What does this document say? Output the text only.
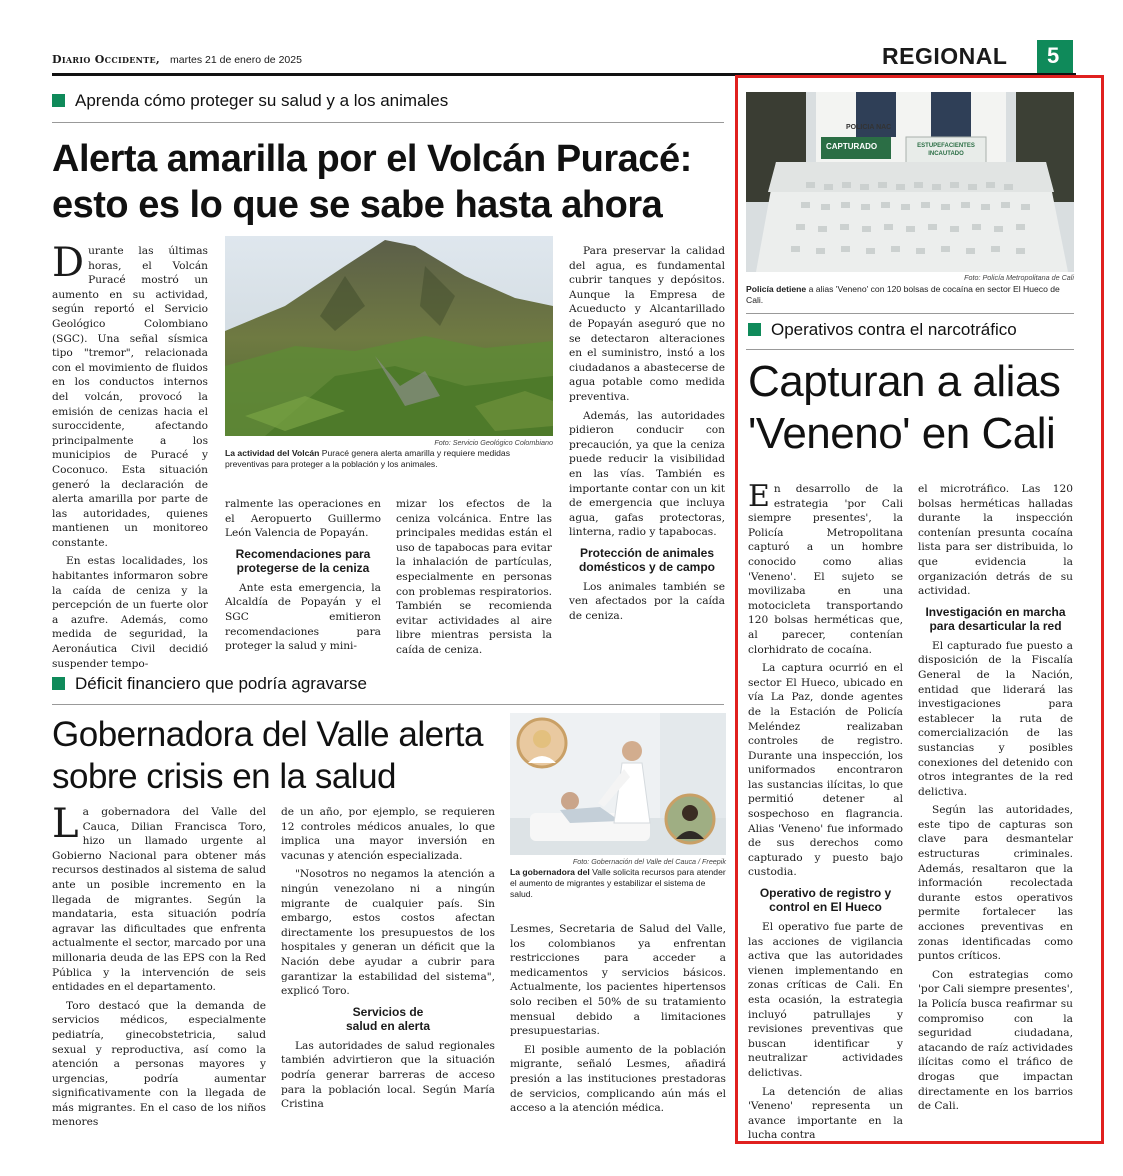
Diario Occidente, martes 21 de enero de 2025	REGIONAL 5
Aprenda cómo proteger su salud y a los animales
Alerta amarilla por el Volcán Puracé:
esto es lo que se sabe hasta ahora
Foto: Servicio Geológico Colombiano
La actividad del Volcán Puracé genera alerta amarilla y requiere medidas preventivas para proteger a la población y los animales.

Durante las últimas horas, el Volcán Puracé mostró un aumento en su actividad, según reportó el Servicio Geológico Colombiano (SGC). Una señal sísmica tipo "tremor", relacionada con el movimiento de fluidos en los conductos internos del volcán, provocó la emisión de cenizas hacia el suroccidente, afectando principalmente a los municipios de Puracé y Coconuco. Esta situación generó la declaración de alerta amarilla por parte de las autoridades, quienes mantienen un monitoreo constante.

En estas localidades, los habitantes informaron sobre la caída de ceniza y la percepción de un fuerte olor a azufre. Además, como medida de seguridad, la Aeronáutica Civil decidió suspender tempo-

ralmente las operaciones en el Aeropuerto Guillermo León Valencia de Popayán.

Recomendaciones para protegerse de la ceniza

Ante esta emergencia, la Alcaldía de Popayán y el SGC emitieron recomendaciones para proteger la salud y mini-

mizar los efectos de la ceniza volcánica. Entre las principales medidas están el uso de tapabocas para evitar la inhalación de partículas, especialmente en personas con problemas respiratorios. También se recomienda evitar actividades al aire libre mientras persista la caída de ceniza.

Para preservar la calidad del agua, es fundamental cubrir tanques y depósitos. Aunque la Empresa de Acueducto y Alcantarillado de Popayán aseguró que no se detectaron alteraciones en el suministro, instó a los ciudadanos a abastecerse de agua potable como medida preventiva.

Además, las autoridades pidieron conducir con precaución, ya que la ceniza puede reducir la visibilidad en las vías. También es importante contar con un kit de emergencia que incluya agua, gafas protectoras, linterna, radio y tapabocas.

Protección de animales domésticos y de campo

Los animales también se ven afectados por la caída de ceniza.

Déficit financiero que podría agravarse
Gobernadora del Valle alerta
sobre crisis en la salud
Foto: Gobernación del Valle del Cauca / Freepik
La gobernadora del Valle solicita recursos para atender el aumento de migrantes y estabilizar el sistema de salud.

La gobernadora del Valle del Cauca, Dilian Francisca Toro, hizo un llamado urgente al Gobierno Nacional para obtener más recursos destinados al sistema de salud ante un posible incremento en la llegada de migrantes. Según la mandataria, esta situación podría agravar las dificultades que enfrenta actualmente el sector, marcado por una millonaria deuda de las EPS con la Red Pública y la intervención de seis entidades en el departamento.

Toro destacó que la demanda de servicios médicos, especialmente pediatría, ginecobstetricia, salud sexual y reproductiva, así como la atención a personas mayores y urgencias, podría aumentar significativamente con la llegada de más migrantes. En el caso de los niños menores

de un año, por ejemplo, se requieren 12 controles médicos anuales, lo que implica una mayor inversión en vacunas y atención especializada.

"Nosotros no negamos la atención a ningún venezolano ni a ningún migrante de cualquier país. Sin embargo, estos costos afectan directamente los presupuestos de los hospitales y generan un déficit que la Nación debe ayudar a cubrir para garantizar la estabilidad del sistema", explicó Toro.

Servicios de salud en alerta

Las autoridades de salud regionales también advirtieron que la situación podría generar barreras de acceso para la población local. Según María Cristina

Lesmes, Secretaria de Salud del Valle, los colombianos ya enfrentan restricciones para acceder a medicamentos y servicios básicos. Actualmente, los pacientes hipertensos solo reciben el 50% de su tratamiento mensual debido a limitaciones presupuestarias.

El posible aumento de la población migrante, señaló Lesmes, añadirá presión a las instituciones prestadoras de servicios, complicando aún más el acceso a la atención médica.

CAPTURADO	ESTUPEFACIENTES INCAUTADO
POLICIA NAC
Foto: Policía Metropolitana de Cali
Policía detiene a alias 'Veneno' con 120 bolsas de cocaína en sector El Hueco de Cali.
Operativos contra el narcotráfico
Capturan a alias
'Veneno' en Cali

En desarrollo de la estrategia 'por Cali siempre presentes', la Policía Metropolitana capturó a un hombre conocido como alias 'Veneno'. El sujeto se movilizaba en una motocicleta transportando 120 bolsas herméticas que, al parecer, contenían clorhidrato de cocaína.

La captura ocurrió en el sector El Hueco, ubicado en vía La Paz, donde agentes de la Estación de Policía Meléndez realizaban controles de registro. Durante una inspección, los uniformados encontraron las sustancias ilícitas, lo que permitió detener al sospechoso en flagrancia. Alias 'Veneno' fue informado de sus derechos como capturado y puesto bajo custodia.

Operativo de registro y control en El Hueco

El operativo fue parte de las acciones de vigilancia activa que las autoridades vienen implementando en zonas críticas de Cali. En esta ocasión, la estrategia incluyó patrullajes y revisiones preventivas que buscan identificar y neutralizar actividades delictivas.

La detención de alias 'Veneno' representa un avance importante en la lucha contra

el microtráfico. Las 120 bolsas herméticas halladas durante la inspección contenían presunta cocaína lista para ser distribuida, lo que evidencia la organización detrás de su actividad.

Investigación en marcha para desarticular la red

El capturado fue puesto a disposición de la Fiscalía General de la Nación, entidad que liderará las investigaciones para establecer la ruta de comercialización de las sustancias y posibles conexiones del detenido con otros integrantes de la red delictiva.

Según las autoridades, este tipo de capturas son clave para desmantelar estructuras criminales. Además, resaltaron que la información recolectada durante estos operativos permite fortalecer las acciones preventivas en zonas identificadas como puntos críticos.

Con estrategias como 'por Cali siempre presentes', la Policía busca reafirmar su compromiso con la seguridad ciudadana, atacando de raíz actividades ilícitas como el tráfico de drogas que impactan directamente en los barrios de Cali.
